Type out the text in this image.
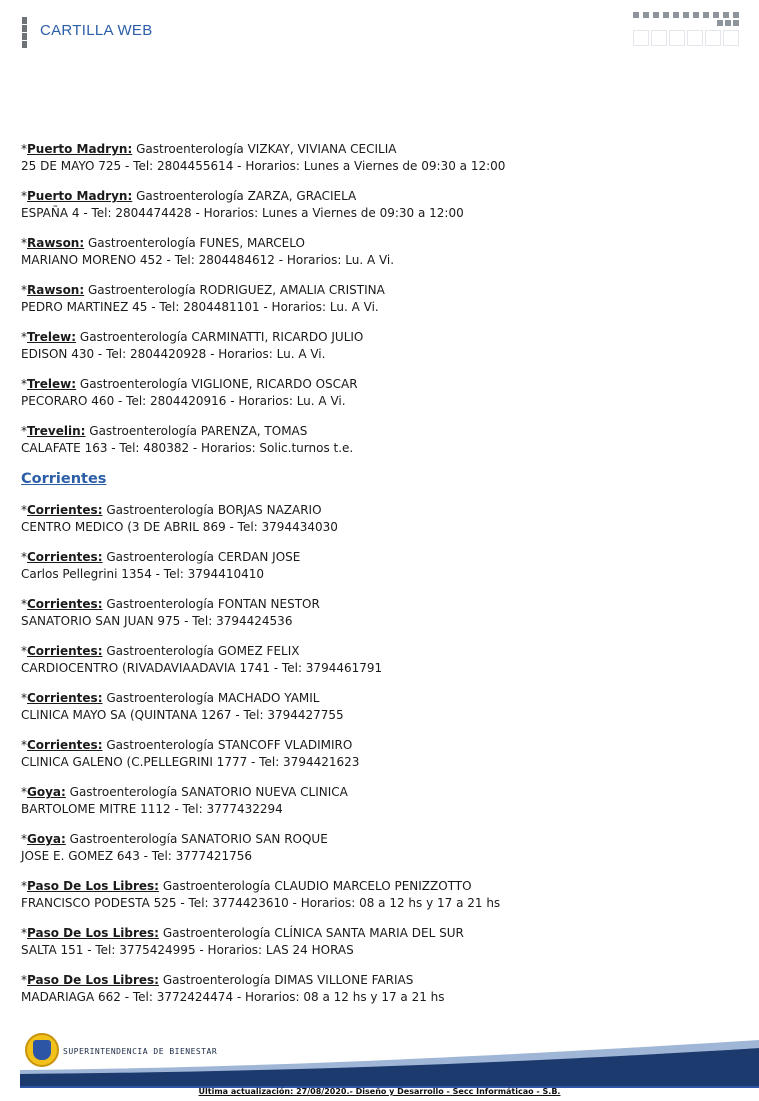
CARTILLA WEB
*Puerto Madryn: Gastroenterología VIZKAY, VIVIANA CECILIA
25 DE MAYO 725 - Tel: 2804455614 - Horarios: Lunes a Viernes de 09:30 a 12:00
*Puerto Madryn: Gastroenterología ZARZA, GRACIELA
ESPAÑA 4 - Tel: 2804474428 - Horarios: Lunes a Viernes de 09:30 a 12:00
*Rawson: Gastroenterología FUNES, MARCELO
MARIANO MORENO 452 - Tel: 2804484612 - Horarios: Lu. A Vi.
*Rawson: Gastroenterología RODRIGUEZ, AMALIA CRISTINA
PEDRO MARTINEZ 45 - Tel: 2804481101 - Horarios: Lu. A Vi.
*Trelew: Gastroenterología CARMINATTI, RICARDO JULIO
EDISON 430 - Tel: 2804420928 - Horarios: Lu. A Vi.
*Trelew: Gastroenterología VIGLIONE, RICARDO OSCAR
PECORARO 460 - Tel: 2804420916 - Horarios: Lu. A Vi.
*Trevelin: Gastroenterología PARENZA, TOMAS
CALAFATE 163 - Tel: 480382 - Horarios: Solic.turnos t.e.
Corrientes
*Corrientes: Gastroenterología BORJAS NAZARIO
CENTRO MEDICO (3 DE ABRIL 869 - Tel: 3794434030
*Corrientes: Gastroenterología CERDAN JOSE
Carlos Pellegrini 1354 - Tel: 3794410410
*Corrientes: Gastroenterología FONTAN NESTOR
SANATORIO SAN JUAN 975 - Tel: 3794424536
*Corrientes: Gastroenterología GOMEZ FELIX
CARDIOCENTRO (RIVADAVIAADAVIA 1741 - Tel: 3794461791
*Corrientes: Gastroenterología MACHADO YAMIL
CLINICA MAYO SA (QUINTANA 1267 - Tel: 3794427755
*Corrientes: Gastroenterología STANCOFF VLADIMIRO
CLINICA GALENO (C.PELLEGRINI 1777 - Tel: 3794421623
*Goya: Gastroenterología SANATORIO NUEVA CLINICA
BARTOLOME MITRE 1112 - Tel: 3777432294
*Goya: Gastroenterología SANATORIO SAN ROQUE
JOSE E. GOMEZ 643 - Tel: 3777421756
*Paso De Los Libres: Gastroenterología CLAUDIO MARCELO PENIZZOTTO
FRANCISCO PODESTA 525 - Tel: 3774423610 - Horarios: 08 a 12 hs y 17 a 21 hs
*Paso De Los Libres: Gastroenterología CLÍNICA SANTA MARIA DEL SUR
SALTA 151 - Tel: 3775424995 - Horarios: LAS 24 HORAS
*Paso De Los Libres: Gastroenterología DIMAS VILLONE FARIAS
MADARIAGA 662 - Tel: 3772424474 - Horarios: 08 a 12 hs y 17 a 21 hs
SUPERINTENDENCIA DE BIENESTAR
Ultima actualización: 27/08/2020.- Diseño y Desarrollo - Secc Informáticao - S.B.
